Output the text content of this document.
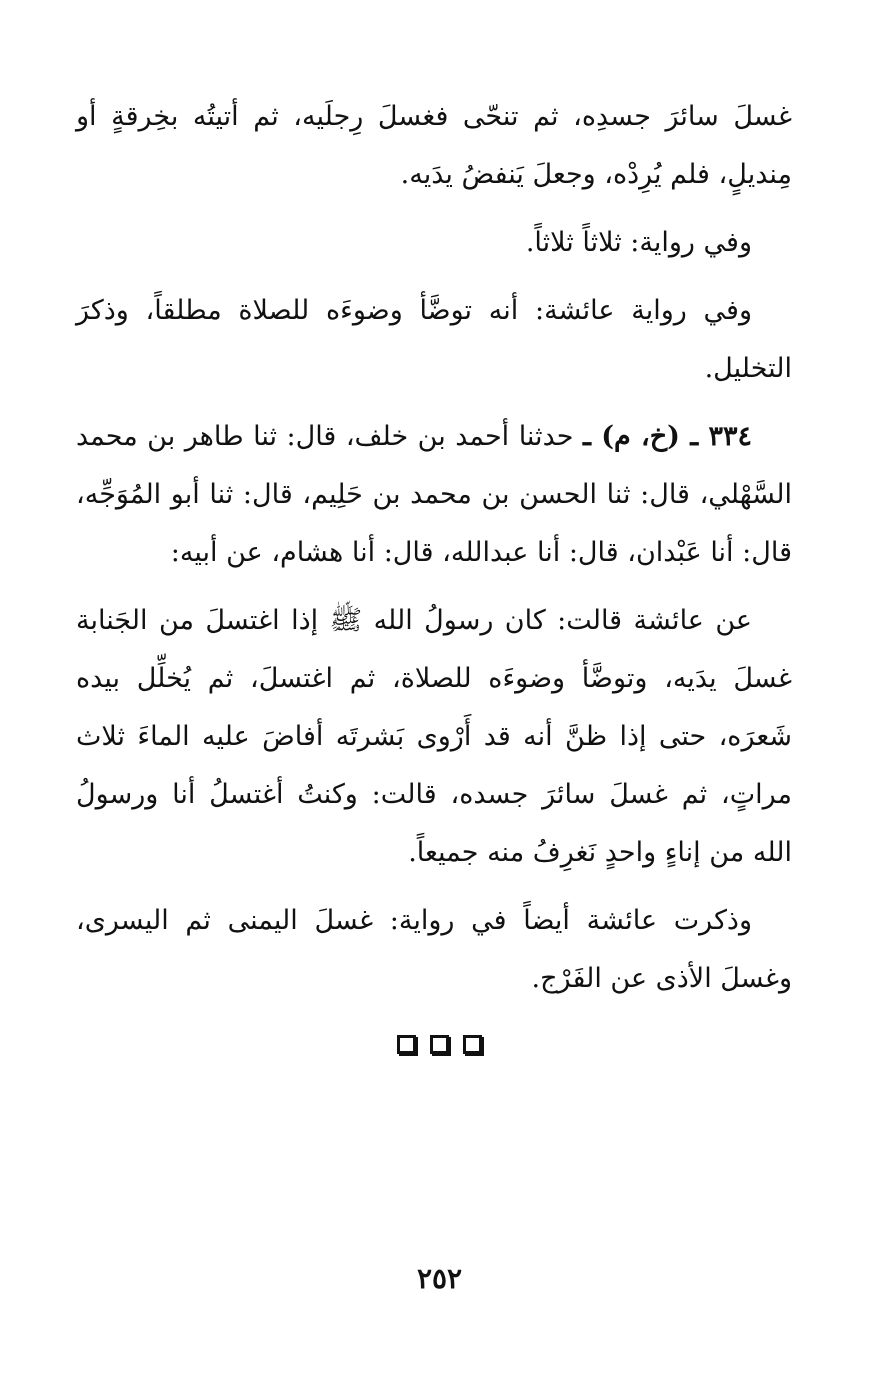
غسلَ سائرَ جسدِه، ثم تنحّى فغسلَ رِجلَيه، ثم أتيتُه بخِرقةٍ أو مِنديلٍ، فلم يُرِدْه، وجعلَ يَنفضُ يدَيه.

وفي رواية: ثلاثاً ثلاثاً.

وفي رواية عائشة: أنه توضَّأ وضوءَه للصلاة مطلقاً، وذكرَ التخليل.

٣٣٤ ـ (خ، م) ـ حدثنا أحمد بن خلف، قال: ثنا طاهر بن محمد السَّهْلي، قال: ثنا الحسن بن محمد بن حَلِيم، قال: ثنا أبو المُوَجِّه، قال: أنا عَبْدان، قال: أنا عبدالله، قال: أنا هشام، عن أبيه:

عن عائشة قالت: كان رسولُ الله ﷺ إذا اغتسلَ من الجَنابة غسلَ يدَيه، وتوضَّأ وضوءَه للصلاة، ثم اغتسلَ، ثم يُخلِّل بيده شَعرَه، حتى إذا ظنَّ أنه قد أَرْوى بَشرتَه أفاضَ عليه الماءَ ثلاث مراتٍ، ثم غسلَ سائرَ جسده، قالت: وكنتُ أغتسلُ أنا ورسولُ الله من إناءٍ واحدٍ نَغرِفُ منه جميعاً.

وذكرت عائشة أيضاً في رواية: غسلَ اليمنى ثم اليسرى، وغسلَ الأذى عن الفَرْج.

٢٥٢
